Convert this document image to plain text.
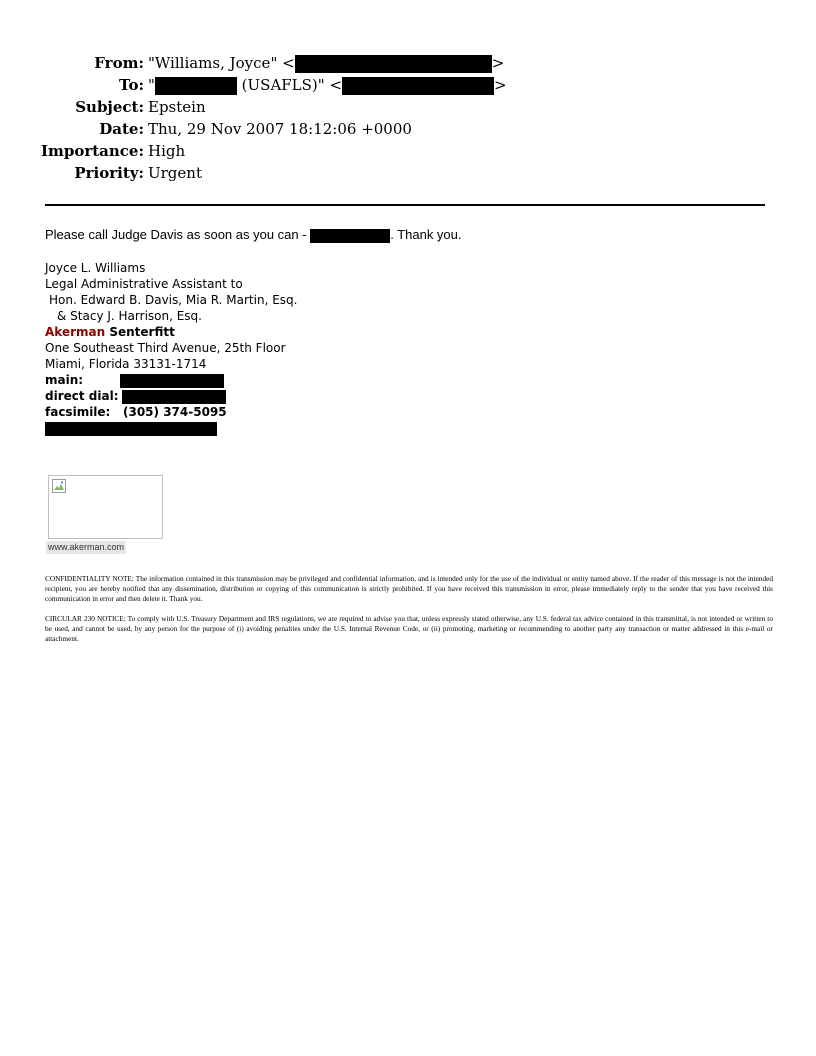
From: "Williams, Joyce" <	>
To: "	(USAFLS)" <	>
Subject: Epstein
Date: Thu, 29 Nov 2007 18:12:06 +0000
Importance: High
Priority: Urgent
Please call Judge Davis as soon as you can -	. Thank you.
Joyce L. Williams
Legal Administrative Assistant to
Hon. Edward B. Davis, Mia R. Martin, Esq.
& Stacy J. Harrison, Esq.
Akerman Senterfitt
One Southeast Third Avenue, 25th Floor
Miami, Florida 33131-1714
main:
direct dial:
facsimile: (305) 374-5095
www.akerman.com
CONFIDENTIALITY NOTE: The information contained in this transmission may be privileged and confidential information, and is intended only for the use of the individual or entity named above. If the reader of this message is not the intended recipient, you are hereby notified that any dissemination, distribution or copying of this communication is strictly prohibited. If you have received this transmission in error, please immediately reply to the sender that you have received this communication in error and then delete it. Thank you.
CIRCULAR 230 NOTICE: To comply with U.S. Treasury Department and IRS regulations, we are required to advise you that, unless expressly stated otherwise, any U.S. federal tax advice contained in this transmittal, is not intended or written to be used, and cannot be used, by any person for the purpose of (i) avoiding penalties under the U.S. Internal Revenue Code, or (ii) promoting, marketing or recommending to another party any transaction or matter addressed in this e-mail or attachment.
